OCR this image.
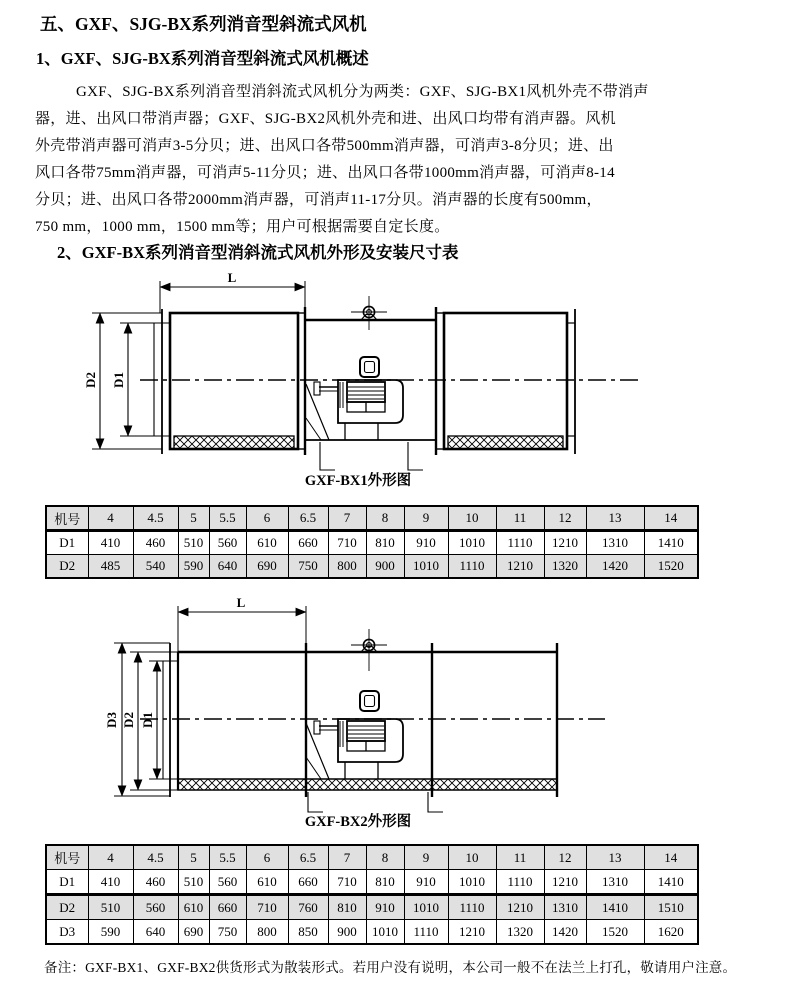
五、GXF、SJG-BX系列消音型斜流式风机
1、GXF、SJG-BX系列消音型斜流式风机概述
GXF、SJG-BX系列消音型消斜流式风机分为两类：GXF、SJG-BX1风机外壳不带消声
器，进、出风口带消声器；GXF、SJG-BX2风机外壳和进、出风口均带有消声器。风机
外壳带消声器可消声3-5分贝；进、出风口各带500mm消声器，可消声3-8分贝；进、出
风口各带75mm消声器，可消声5-11分贝；进、出风口各带1000mm消声器，可消声8-14
分贝；进、出风口各带2000mm消声器，可消声11-17分贝。消声器的长度有500mm，
750 mm，1000 mm，1500 mm等；用户可根据需要自定长度。
2、GXF-BX系列消音型消斜流式风机外形及安装尺寸表
L
D2 D1
GXF-BX1外形图
机号	4	4.5	5	5.5	6	6.5	7	8	9	10	11	12	13	14
D1	410	460	510	560	610	660	710	810	910	1010	1110	1210	1310	1410
D2	485	540	590	640	690	750	800	900	1010	1110	1210	1320	1420	1520
L
D3 D2 D1
GXF-BX2外形图
机号	4	4.5	5	5.5	6	6.5	7	8	9	10	11	12	13	14
D1	410	460	510	560	610	660	710	810	910	1010	1110	1210	1310	1410
D2	510	560	610	660	710	760	810	910	1010	1110	1210	1310	1410	1510
D3	590	640	690	750	800	850	900	1010	1110	1210	1320	1420	1520	1620
备注：GXF-BX1、GXF-BX2供货形式为散装形式。若用户没有说明，本公司一般不在法兰上打孔，敬请用户注意。
